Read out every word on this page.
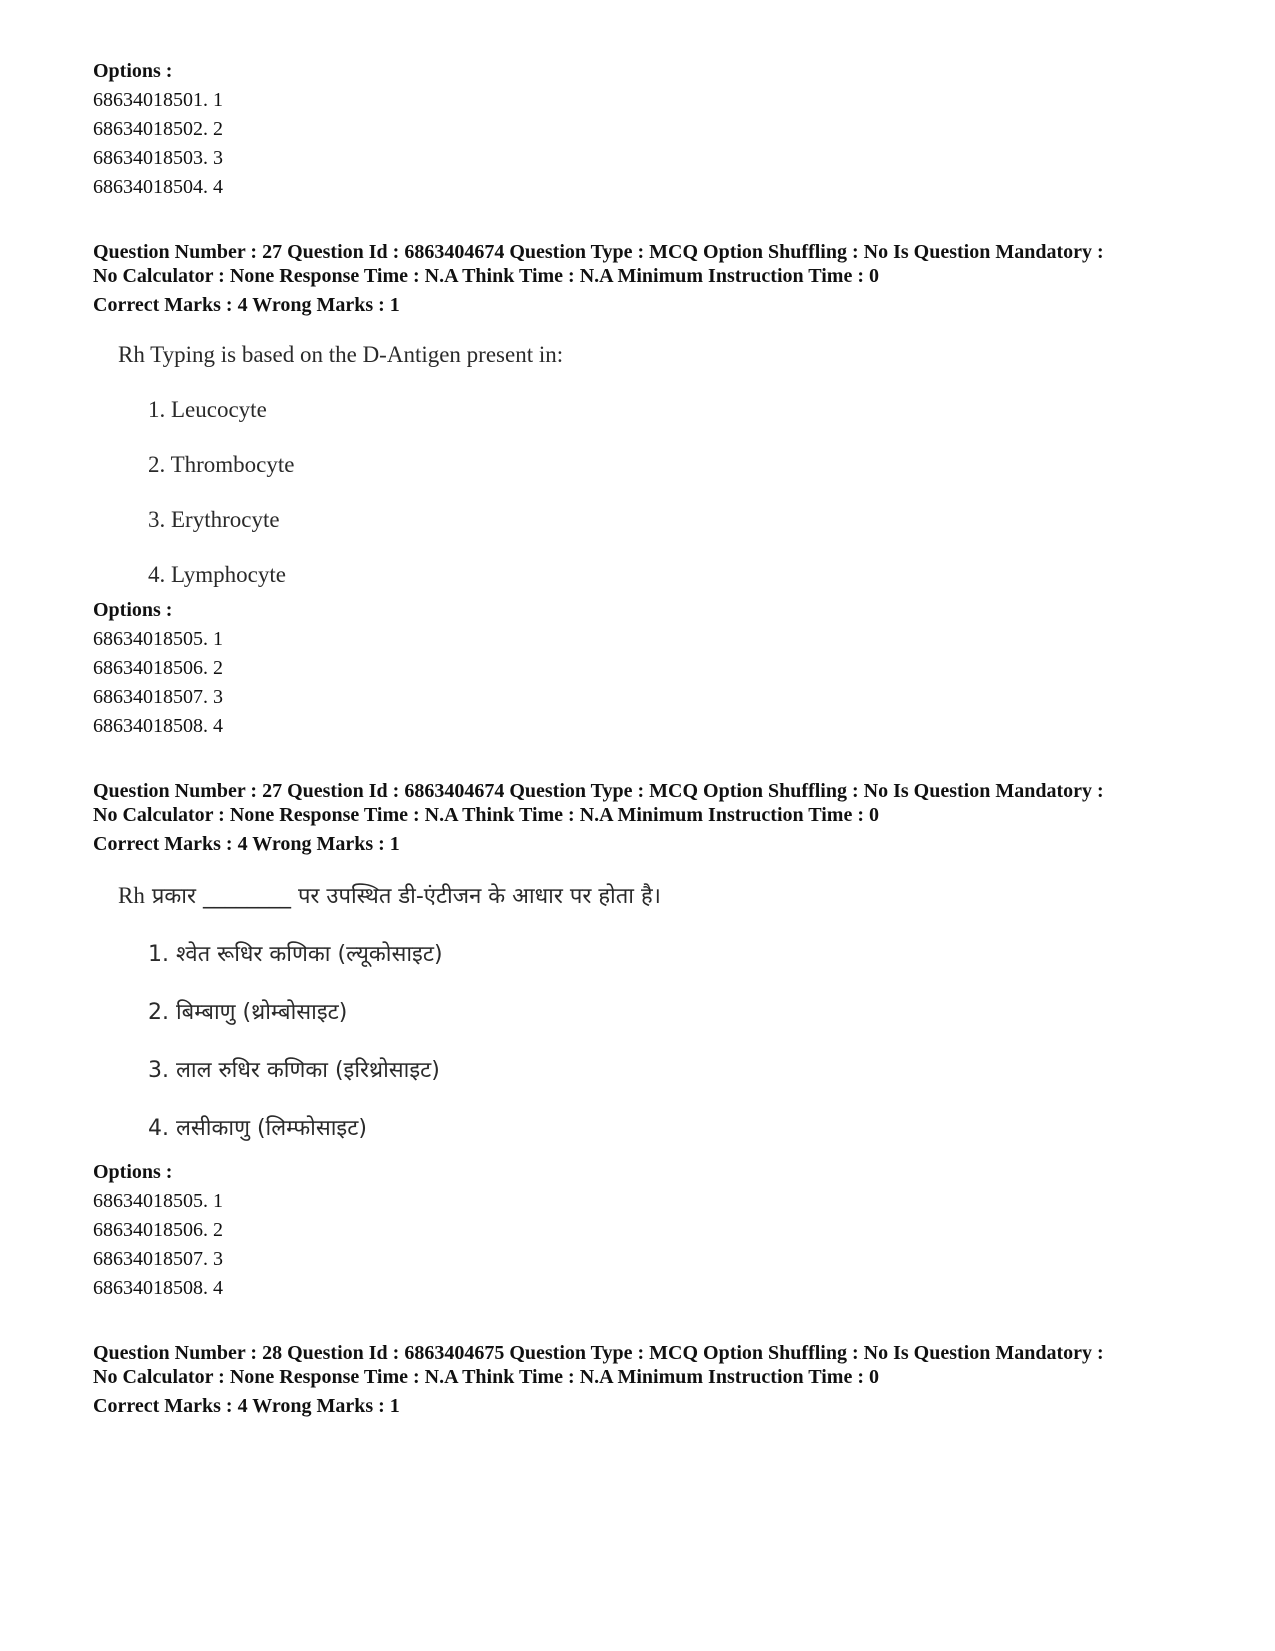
Options :
68634018501. 1
68634018502. 2
68634018503. 3
68634018504. 4
Question Number : 27 Question Id : 6863404674 Question Type : MCQ Option Shuffling : No Is Question Mandatory :
No Calculator : None Response Time : N.A Think Time : N.A Minimum Instruction Time : 0
Correct Marks : 4 Wrong Marks : 1
Rh Typing is based on the D-Antigen present in:
1. Leucocyte
2. Thrombocyte
3. Erythrocyte
4. Lymphocyte
Options :
68634018505. 1
68634018506. 2
68634018507. 3
68634018508. 4
Question Number : 27 Question Id : 6863404674 Question Type : MCQ Option Shuffling : No Is Question Mandatory :
No Calculator : None Response Time : N.A Think Time : N.A Minimum Instruction Time : 0
Correct Marks : 4 Wrong Marks : 1
Rh प्रकार ________ पर उपस्थित डी-एंटीजन के आधार पर होता है।
1. श्वेत रूधिर कणिका (ल्यूकोसाइट)
2. बिम्बाणु (थ्रोम्बोसाइट)
3. लाल रुधिर कणिका (इरिथ्रोसाइट)
4. लसीकाणु (लिम्फोसाइट)
Options :
68634018505. 1
68634018506. 2
68634018507. 3
68634018508. 4
Question Number : 28 Question Id : 6863404675 Question Type : MCQ Option Shuffling : No Is Question Mandatory :
No Calculator : None Response Time : N.A Think Time : N.A Minimum Instruction Time : 0
Correct Marks : 4 Wrong Marks : 1
